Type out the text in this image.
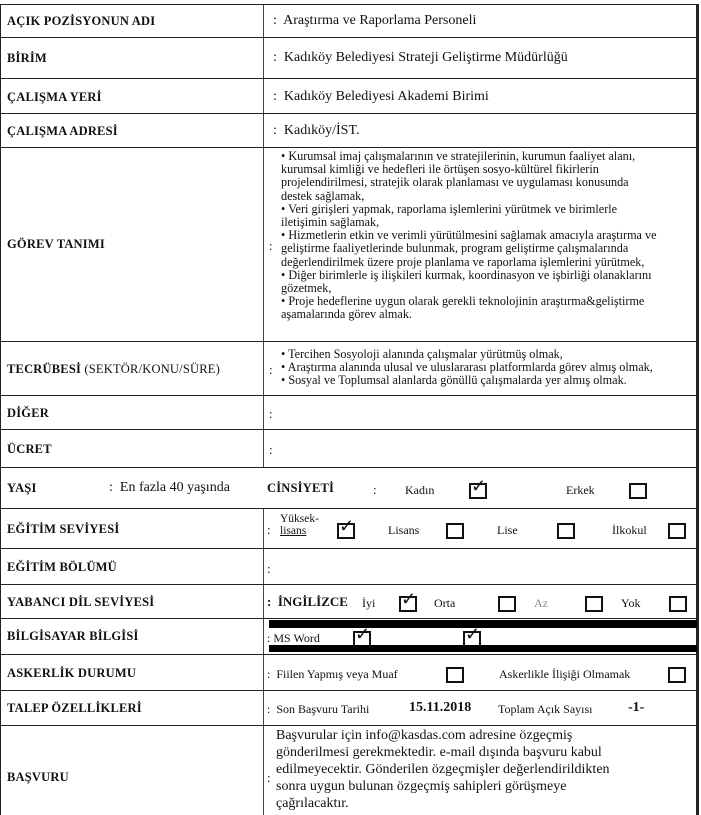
AÇIK POZİSYONUN ADI	: Araştırma ve Raporlama Personeli
BİRİM	: Kadıköy Belediyesi Strateji Geliştirme Müdürlüğü
ÇALIŞMA YERİ	: Kadıköy Belediyesi Akademi Birimi
ÇALIŞMA ADRESİ	: Kadıköy/İST.
GÖREV TANIMI	:
• Kurumsal imaj çalışmalarının ve stratejilerinin, kurumun faaliyet alanı,
kurumsal kimliği ve hedefleri ile örtüşen sosyo-kültürel fikirlerin
projelendirilmesi, stratejik olarak planlaması ve uygulaması konusunda
destek sağlamak,
• Veri girişleri yapmak, raporlama işlemlerini yürütmek ve birimlerle
iletişimin sağlamak,
• Hizmetlerin etkin ve verimli yürütülmesini sağlamak amacıyla araştırma ve
geliştirme faaliyetlerinde bulunmak, program geliştirme çalışmalarında
değerlendirilmek üzere proje planlama ve raporlama işlemlerini yürütmek,
• Diğer birimlerle iş ilişkileri kurmak, koordinasyon ve işbirliği olanaklarını
gözetmek,
• Proje hedeflerine uygun olarak gerekli teknolojinin araştırma&geliştirme
aşamalarında görev almak.
TECRÜBESİ (SEKTÖR/KONU/SÜRE)	:
• Tercihen Sosyoloji alanında çalışmalar yürütmüş olmak,
• Araştırma alanında ulusal ve uluslararası platformlarda görev almış olmak,
• Sosyal ve Toplumsal alanlarda gönüllü çalışmalarda yer almış olmak.
DİĞER	:
ÜCRET	:
YAŞI	: En fazla 40 yaşında	CİNSİYETİ	: Kadın ✓	Erkek
EĞİTİM SEVİYESİ	:
Yüksek-
lisans	✓	Lisans	Lise	İlkokul
EĞİTİM BÖLÜMÜ	:
YABANCI DİL SEVİYESİ	: İNGİLİZCE İyi ✓ Orta	Az	Yok
BİLGİSAYAR BİLGİSİ	: MS Word ✓	✓
ASKERLİK DURUMU	: Fiilen Yapmış veya Muaf	Askerlikle İlişiği Olmamak
TALEP ÖZELLİKLERİ	: Son Başvuru Tarihi	15.11.2018 Toplam Açık Sayısı	-1-
BAŞVURU	:
Başvurular için info@kasdas.com adresine özgeçmiş
gönderilmesi gerekmektedir. e-mail dışında başvuru kabul
edilmeyecektir. Gönderilen özgeçmişler değerlendirildikten
sonra uygun bulunan özgeçmiş sahipleri görüşmeye
çağrılacaktır.
